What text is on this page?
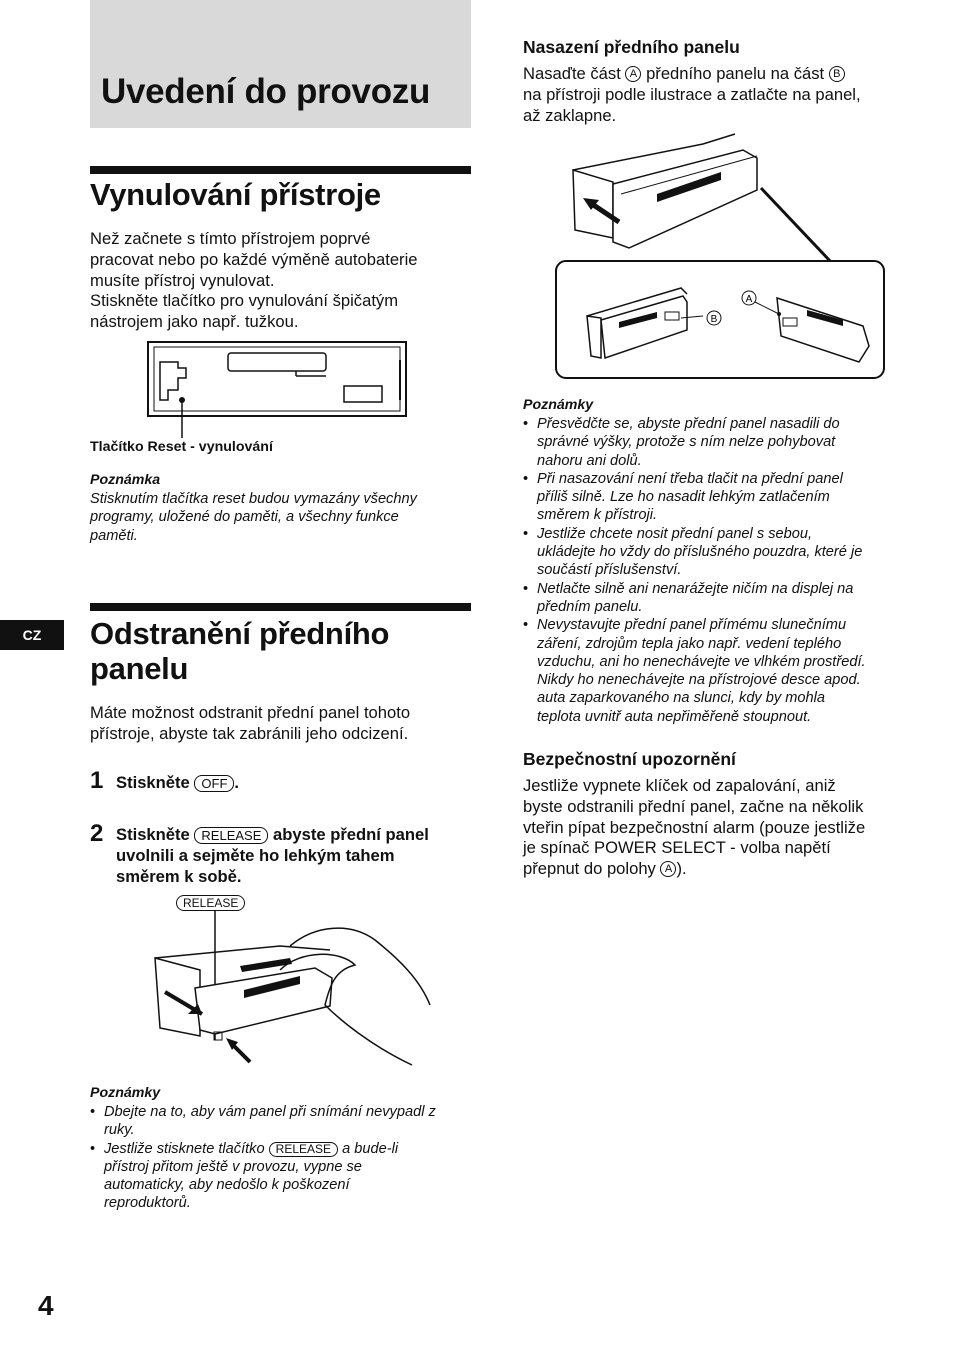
Uvedení do provozu
Vynulování přístroje
Než začnete s tímto přístrojem poprvé
pracovat nebo po každé výměně autobaterie
musíte přístroj vynulovat.
Stiskněte tlačítko pro vynulování špičatým
nástrojem jako např. tužkou.
Tlačítko Reset - vynulování
Poznámka
Stisknutím tlačítka reset budou vymazány všechny
programy, uložené do paměti, a všechny funkce
paměti.
CZ	Odstranění předního
panelu
Máte možnost odstranit přední panel tohoto
přístroje, abyste tak zabránili jeho odcizení.
1 Stiskněte OFF .
2 Stiskněte RELEASE abyste přední panel
uvolnili a sejměte ho lehkým tahem
směrem k sobě.
RELEASE
Poznámky
• Dbejte na to, aby vám panel při snímání nevypadl z
ruky.
• Jestliže stisknete tlačítko RELEASE a bude-li
přístroj přitom ještě v provozu, vypne se
automaticky, aby nedošlo k poškození
reproduktorů.
Nasazení předního panelu
Nasaďte část A předního panelu na část B
na přístroji podle ilustrace a zatlačte na panel,
až zaklapne.
B
A
Poznámky
• Přesvědčte se, abyste přední panel nasadili do
správné výšky, protože s ním nelze pohybovat
nahoru ani dolů.
• Při nasazování není třeba tlačit na přední panel
příliš silně. Lze ho nasadit lehkým zatlačením
směrem k přístroji.
• Jestliže chcete nosit přední panel s sebou,
ukládejte ho vždy do příslušného pouzdra, které je
součástí příslušenství.
• Netlačte silně ani nenarážejte ničím na displej na
předním panelu.
• Nevystavujte přední panel přímému slunečnímu
záření, zdrojům tepla jako např. vedení teplého
vzduchu, ani ho nenechávejte ve vlhkém prostředí.
Nikdy ho nenechávejte na přístrojové desce apod.
auta zaparkovaného na slunci, kdy by mohla
teplota uvnitř auta nepřiměřeně stoupnout.
Bezpečnostní upozornění
Jestliže vypnete klíček od zapalování, aniž
byste odstranili přední panel, začne na několik
vteřin pípat bezpečnostní alarm (pouze jestliže
je spínač POWER SELECT - volba napětí
přepnut do polohy A ).
4
